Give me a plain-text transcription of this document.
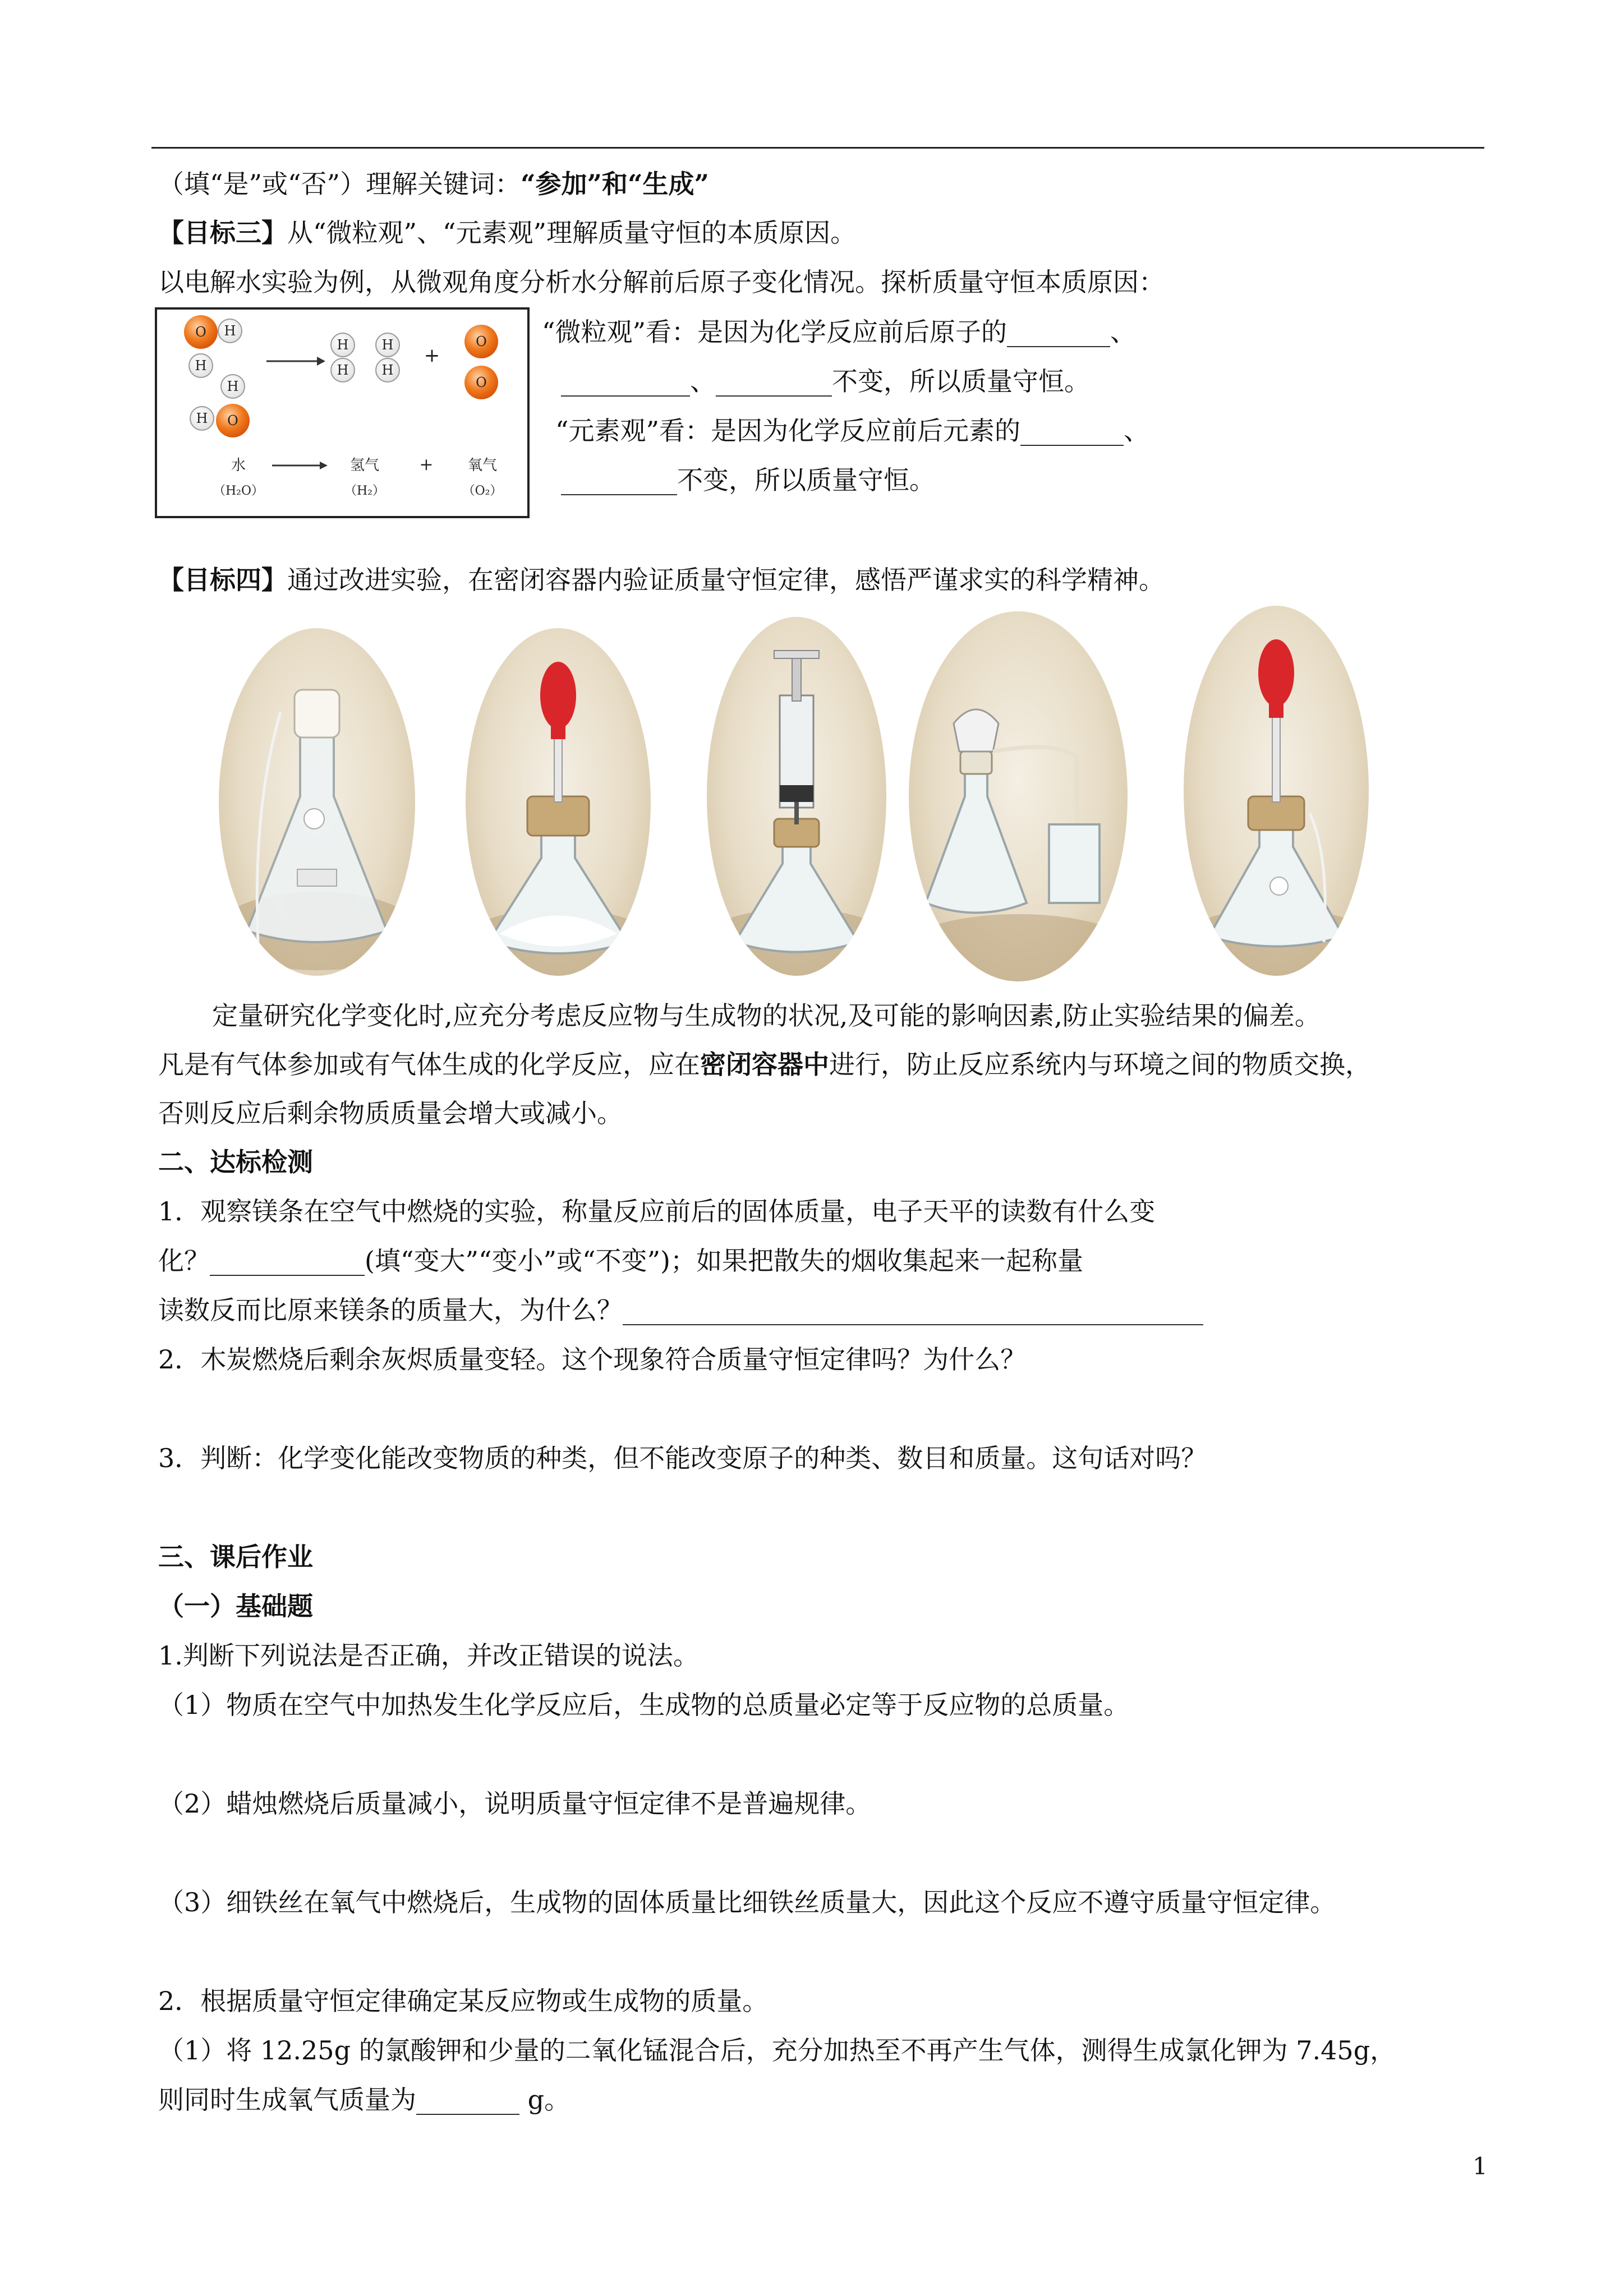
（填“是”或“否”）理解关键词：“参加”和“生成”
【目标三】从“微粒观”、“元素观”理解质量守恒的本质原因。
以电解水实验为例，从微观角度分析水分解前后原子变化情况。探析质量守恒本质原因：
O H
H
O
H
H
H
H
H
H
+
O
O
水
（H₂O）
氢气
（H₂）
+ 氧气
（O₂）
“微粒观”看：是因为化学反应前后原子的________、
__________、_________不变，所以质量守恒。
“元素观”看：是因为化学反应前后元素的________、
_________不变，所以质量守恒。
【目标四】通过改进实验，在密闭容器内验证质量守恒定律，感悟严谨求实的科学精神。
定量研究化学变化时,应充分考虑反应物与生成物的状况,及可能的影响因素,防止实验结果的偏差。
凡是有气体参加或有气体生成的化学反应，应在密闭容器中进行，防止反应系统内与环境之间的物质交换，
否则反应后剩余物质质量会增大或减小。
二、达标检测
1．观察镁条在空气中燃烧的实验，称量反应前后的固体质量，电子天平的读数有什么变
化？____________(填“变大”“变小”或“不变”)；如果把散失的烟收集起来一起称量
读数反而比原来镁条的质量大，为什么？_____________________________________________
2．木炭燃烧后剩余灰烬质量变轻。这个现象符合质量守恒定律吗？为什么？
3．判断：化学变化能改变物质的种类，但不能改变原子的种类、数目和质量。这句话对吗？
三、课后作业
（一）基础题
1.判断下列说法是否正确，并改正错误的说法。
（1）物质在空气中加热发生化学反应后，生成物的总质量必定等于反应物的总质量。
（2）蜡烛燃烧后质量减小，说明质量守恒定律不是普遍规律。
（3）细铁丝在氧气中燃烧后，生成物的固体质量比细铁丝质量大，因此这个反应不遵守质量守恒定律。
2．根据质量守恒定律确定某反应物或生成物的质量。
（1）将 12.25g 的氯酸钾和少量的二氧化锰混合后，充分加热至不再产生气体，测得生成氯化钾为 7.45g，
则同时生成氧气质量为________ g。
1
